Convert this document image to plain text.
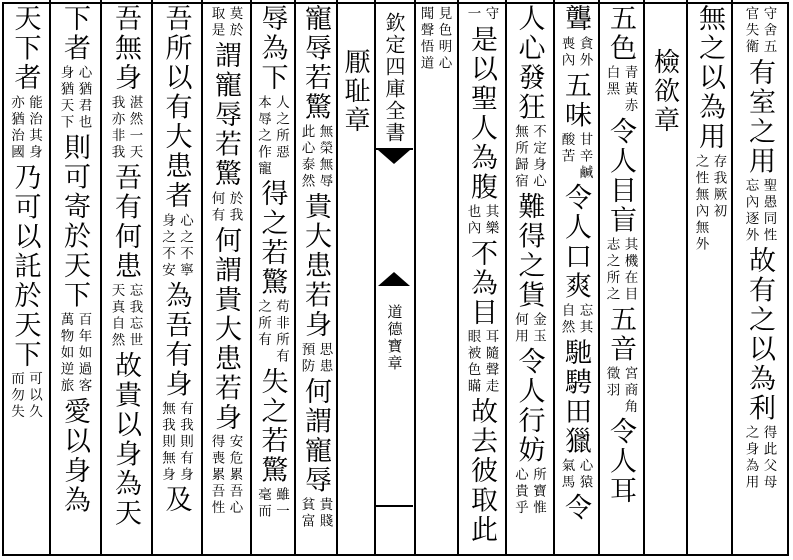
天下者
能治其身
亦猶治國
乃可以託於天下
可以久
而勿失
下者
心猶君也
身猶天下
則可寄於天下
百年如過客
萬物如逆旅
愛以身為
吾無身
湛然一天
我亦非我
吾有何患
忘我忘世
天真自然
故貴以身為天
吾所以有大患者
心之不寧
身之不安
為吾有身
有我則有身
無我則無身
及
莫於
取是
謂寵辱若驚
於我
何有
何謂貴大患若身
安危累吾心
得喪累吾性
辱為下
人之所惡
本辱之作寵
得之若驚
苟非所有
之所有
失之若驚
雖一
毫而
寵辱若驚
無榮無辱
此心泰然
貴大患若身
思患
預防
何謂寵辱
貴賤
貧富
厭耻章
見色明心
聞聲悟道	守
一
是以聖人為腹
其樂
也內
不為目
耳隨聲走
眼被色瞞
故去彼取此
人心發狂
不定身心
無所歸宿
難得之貨
金玉
何用
令人行妨
所寶惟
心貴乎
聾
貪外
喪內
五味
甘辛鹹
酸苦
令人口爽
忘其
自然
馳騁田獵
心猿
氣馬
令
五色
青黃赤
白黑
令人目盲
其機在目
志之所之
五音
宮商角
徵羽
令人耳
檢欲章 無之以為用
存我厥初
之性無內無外
守舍五
官失衛
有室之用
聖愚同性
忘內逐外
故有之以為利
得此父母
之身為用
欽定四庫全書
道德寶章
